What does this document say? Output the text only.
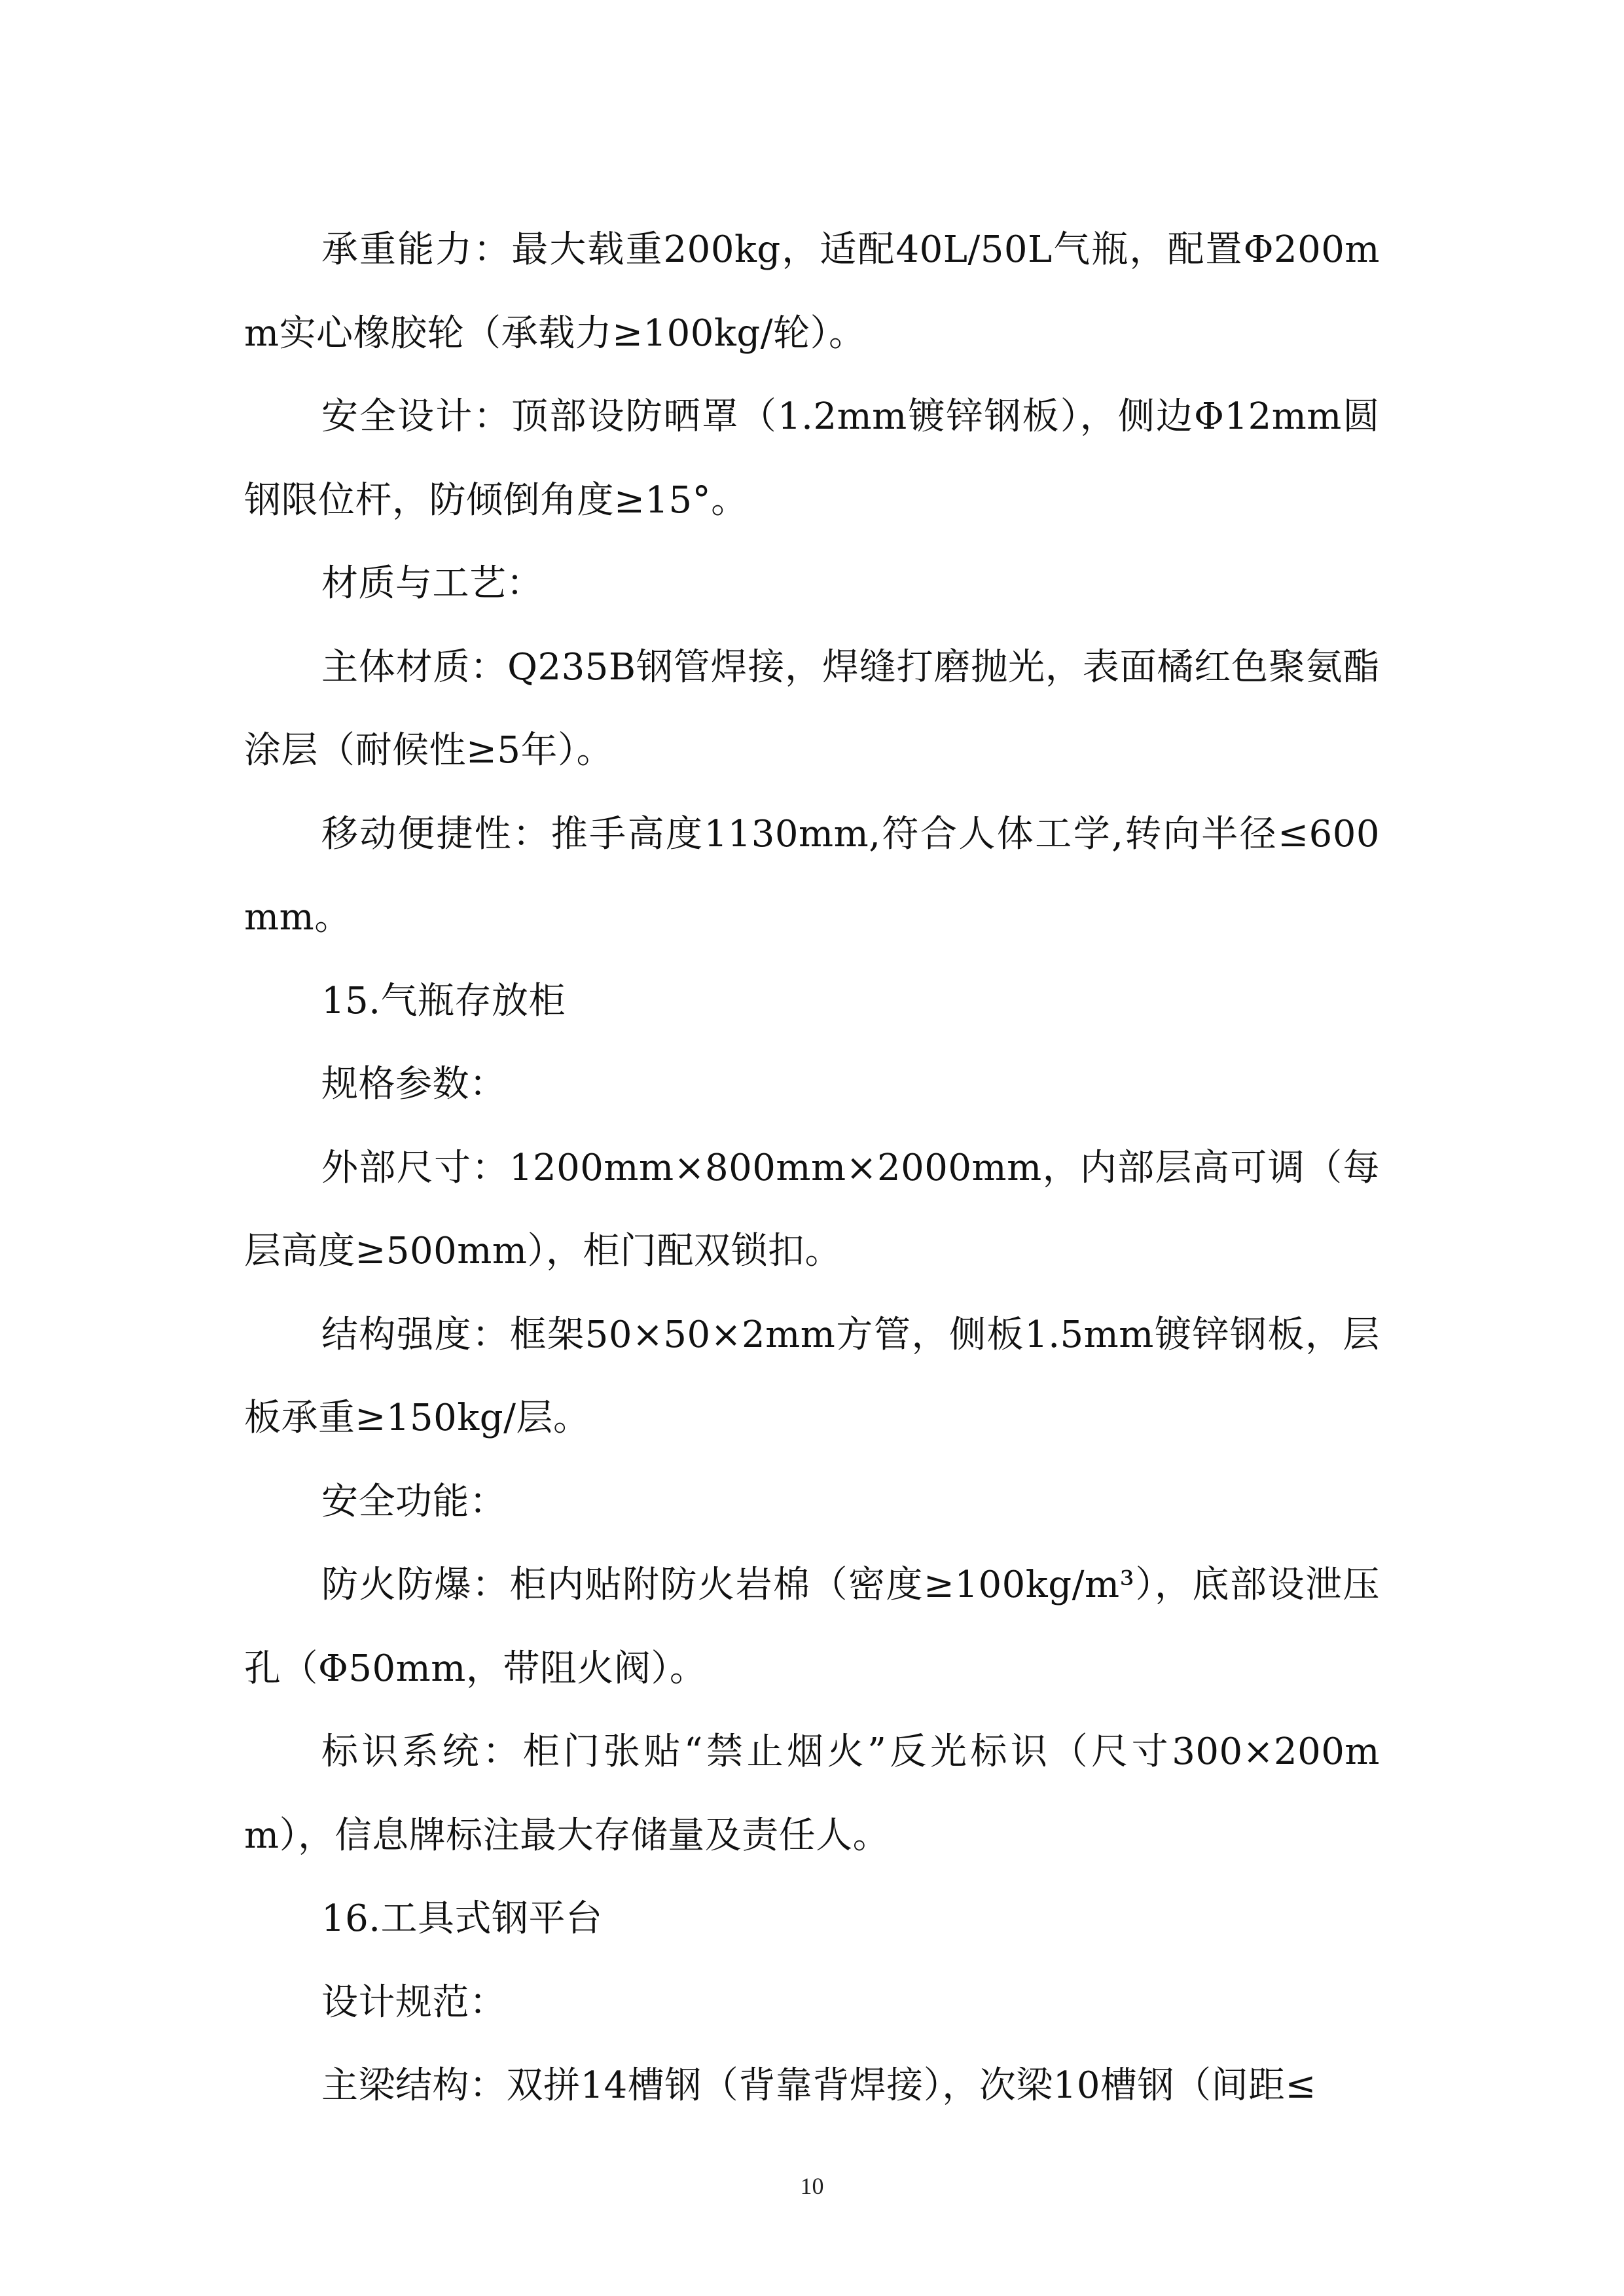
承重能力：最大载重200kg，适配40L/50L气瓶，配置Φ200mm实心橡胶轮（承载力≥100kg/轮）。

安全设计：顶部设防晒罩（1.2mm镀锌钢板），侧边Φ12mm圆钢限位杆，防倾倒角度≥15°。

材质与工艺：

主体材质：Q235B钢管焊接，焊缝打磨抛光，表面橘红色聚氨酯涂层（耐候性≥5年）。

移动便捷性：推手高度1130mm,符合人体工学,转向半径≤600mm。

15.气瓶存放柜

规格参数：

外部尺寸：1200mm×800mm×2000mm，内部层高可调（每层高度≥500mm），柜门配双锁扣。

结构强度：框架50×50×2mm方管，侧板1.5mm镀锌钢板，层板承重≥150kg/层。

安全功能：

防火防爆：柜内贴附防火岩棉（密度≥100kg/m³），底部设泄压孔（Φ50mm，带阻火阀）。

标识系统：柜门张贴“禁止烟火”反光标识（尺寸300×200mm），信息牌标注最大存储量及责任人。

16.工具式钢平台

设计规范：

主梁结构：双拼14槽钢（背靠背焊接），次梁10槽钢（间距≤

10
